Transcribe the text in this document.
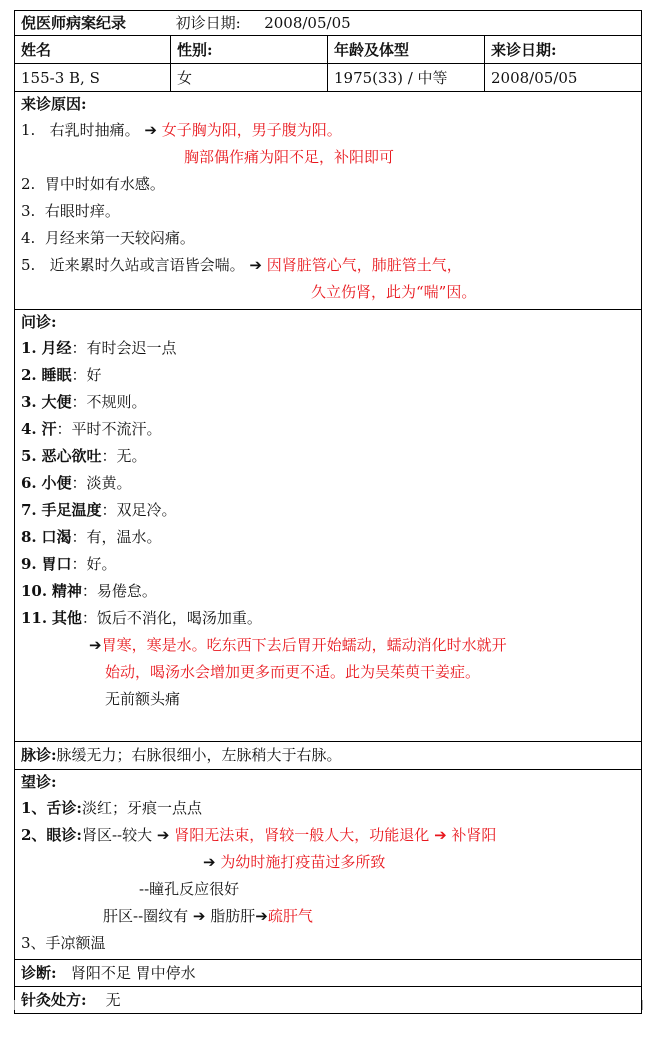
倪医师病案纪录	初诊日期: 2008/05/05
姓名	性别:	年龄及体型	来诊日期:
155-3 B, S	女	1975(33) / 中等	2008/05/05
来诊原因:
1. 右乳时抽痛。 ➔ 女子胸为阳，男子腹为阳。
胸部偶作痛为阳不足，补阳即可
2. 胃中时如有水感。
3. 右眼时痒。
4. 月经来第一天较闷痛。
5. 近来累时久站或言语皆会喘。 ➔ 因肾脏管心气，肺脏管土气，
久立伤肾，此为“喘”因。
问诊:
1. 月经：有时会迟一点
2. 睡眠：好
3. 大便：不规则。
4. 汗：平时不流汗。
5. 恶心欲吐：无。
6. 小便：淡黄。
7. 手足温度：双足冷。
8. 口渴：有，温水。
9. 胃口：好。
10. 精神：易倦怠。
11. 其他：饭后不消化，喝汤加重。
➔胃寒，寒是水。吃东西下去后胃开始蠕动，蠕动消化时水就开
始动，喝汤水会增加更多而更不适。此为吴茱萸干姜症。
无前额头痛
脉诊:脉缓无力；右脉很细小，左脉稍大于右脉。
望诊:
1、舌诊:淡红；牙痕一点点
2、眼诊:肾区--较大 ➔ 肾阳无法束，肾较一般人大，功能退化 ➔ 补肾阳
➔ 为幼时施打疫苗过多所致
--瞳孔反应很好
肝区--圈纹有 ➔ 脂肪肝➔疏肝气
3、手凉额温
诊断: 肾阳不足 胃中停水
针灸处方: 无
